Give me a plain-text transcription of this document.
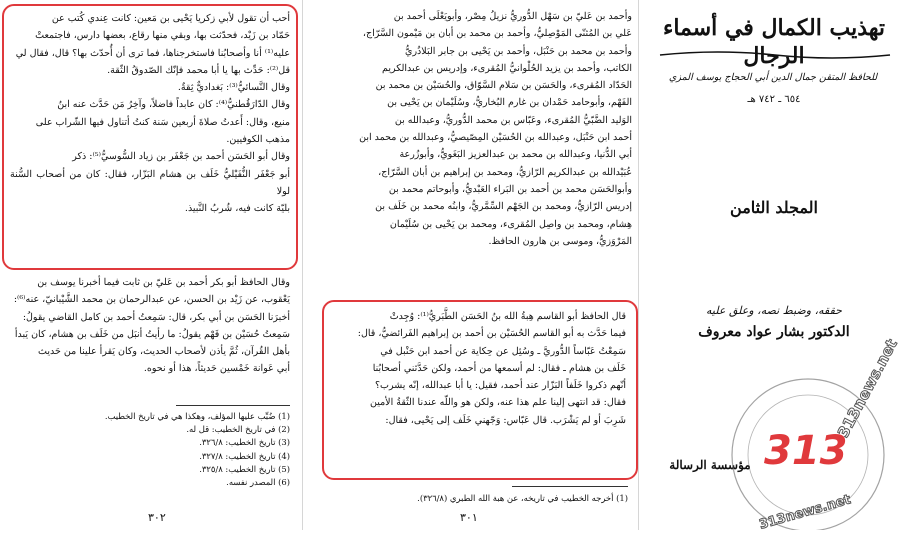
أحب أن تقول لأبي زكريا يَحْيى بن مَعين: كانت عِندي كُتب عن

حَمّاد بن زَيْد، فحدّثت بها، وبقي منها رقاع، بعضها دارس، فاجتمعتْ

عليه⁽¹⁾ أنا وأصحابُنا فاستخرجناها، فما ترى أن أُحدّث بها؟ قال، فقال لي

قل⁽²⁾: حَدِّث بها يا أبا محمد فإنّك الصّدوقُ الثّقة.

وقال النَّسائيُّ⁽³⁾: بَغداديٌّ ثِقةٌ.

وقال الدّارَقُطنيُّ⁽⁴⁾: كان عابداً فاضلاً، وآخِرُ مَن حَدَّث عنه ابنُ

منيع، وقال: أَعدتُ صلاةَ أربعين سَنة كنتُ أتناول فيها الشّراب على

مذهب الكوفيين.

وقال أبو الحَسَن أحمد بن جَعْفَر بن زياد السُّوسيُّ⁽⁵⁾: ذكر

أبو جَعْفَر النُّفَيْليُّ خَلَف بن هشام البَزّار، فقال: كان من أصحاب السُّنة لولا

بليّة كانت فيه، شُربُ النَّبيذ.

وقال الحافظ أبو بكر أحمد بن عَليّ بن ثابت فيما أخبرنا يوسف بن

يَعْقوب، عن زَيْد بن الحسن، عن عبدالرحمان بن محمد الشَّيْبانيّ، عنه⁽⁶⁾:

أخبرَنا الحَسَن بن أبي بكر، قال: سَمِعتُ أحمد بن كامل القاضي يقولُ:

سَمِعتُ حُسَيْن بن فَهْم يقولُ: ما رأيتُ أنبَل من خَلَف بن هشام، كان يَبدأ

بأهل القُرآن، ثُمَّ يأذن لأصحاب الحديث، وكان يَقرأ علينا من حَديث

أبي عَوانة خَمْسين حَديثاً، هذا أو نحوه.

(1) ضُبِّب عليها المؤلف، وهكذا هي في تاريخ الخطيب.
(2) في تاريخ الخطيب: قل له.
(3) تاريخ الخطيب: ٣٢٦/٨.
(4) تاريخ الخطيب: ٣٢٧/٨.
(5) تاريخ الخطيب: ٣٢٥/٨.
(6) المصدر نفسه.
٣٠٢

وأحمد بن عَليّ بن سَهْل الدُّوريُّ نزيلُ مِصْر، وأبويَعْلَى أحمد بن

عَلي بن المُثنّى المَوْصِليُّ، وأحمد بن محمد بن أبان بن مَيْمون السَّرّاج،

وأحمد بن محمد بن حَنْبَل، وأحمد بن يَحْيى بن جابر البَلاذُريُّ

الكاتب، وأحمد بن يزيد الحُلْوانيُّ المُقرىء، وإدريس بن عبدالكريم

الحَدّاد المُقرىء، والحَسَن بن سَلام السَّوّاق، والحُسَيْن بن محمد بن

الفَهْم، وأبوحامد حَمْدان بن غارم البُخاريُّ، وسُلَيْمان بن يَحْيى بن

الوَليد الضَّبّيُّ المُقرىء، وعَبّاس بن محمد الدُّوريُّ، وعبدالله بن

أحمد ابن حَنْبَل، وعبدالله بن الحُسَيْن المِصّيصيُّ، وعبدالله بن محمد ابن

أبي الدُّنيا، وعبدالله بن محمد بن عبدالعزيز البَغَويُّ، وأبوزُرعة

عُبَيْدالله بن عبدالكريم الرّازيُّ، ومحمد بن إبراهيم بن أبان السَّرّاج،

وأبوالحَسَن محمد بن أحمد بن البَراء العَبْديُّ، وأبوحاتم محمد بن

إدريس الرّازيُّ، ومحمد بن الجَهْم السِّمَّريُّ، وابنُه محمد بن خَلَف بن

هِشام، ومحمد بن واصِل المُقرىء، ومحمد بن يَحْيى بن سُلَيْمان

المَرْوَزيُّ، وموسى بن هارون الحافظ.

قال الحافظ أبو القاسم هِبةُ الله بنُ الحَسَن الطَّبَريُّ⁽¹⁾: وُجِدتْ

فيما حَدَّث به أبو القاسم الحُسَيْن بن أحمد بن إبراهيم الفَرائضيُّ، قال:

سَمِعْتُ عَبّاساً الدُّوريَّ ـ وسُئِل عن حِكاية عن أحمد ابن حَنْبل في

خَلَف بن هشام ـ فقال: لم أسمعها من أحمد، ولكن حَدَّثني أصحابُنا

أنّهم ذكروا خَلَفاً البَزّار عند أحمد، فقيل: يا أبا عبدالله، إنّه يشرب؟

فقال: قد انتهى إلينا علم هذا عنه، ولكن هو واللّه عندنا الثّقةُ الأمين

شَرِبَ أو لم يَشْرَب. قال عَبّاس: وَجّهني خَلَف إلى يَحْيى، فقال:

(1) أخرجه الخطيب في تاريخه، عن هبة الله الطبري (٣٢٦/٨).
٣٠١
تهذيب الكمال في أسماء الرجال
للحافظ المتقن جمال الدين أبي الحجاج يوسف المزي
٦٥٤ ـ ٧٤٢ هـ
المجلد الثامن
حققه، وضبط نصه، وعلق عليه
الدكتور بشار عواد معروف
مؤسسة الرسالة
313news.net
313news.net
313
